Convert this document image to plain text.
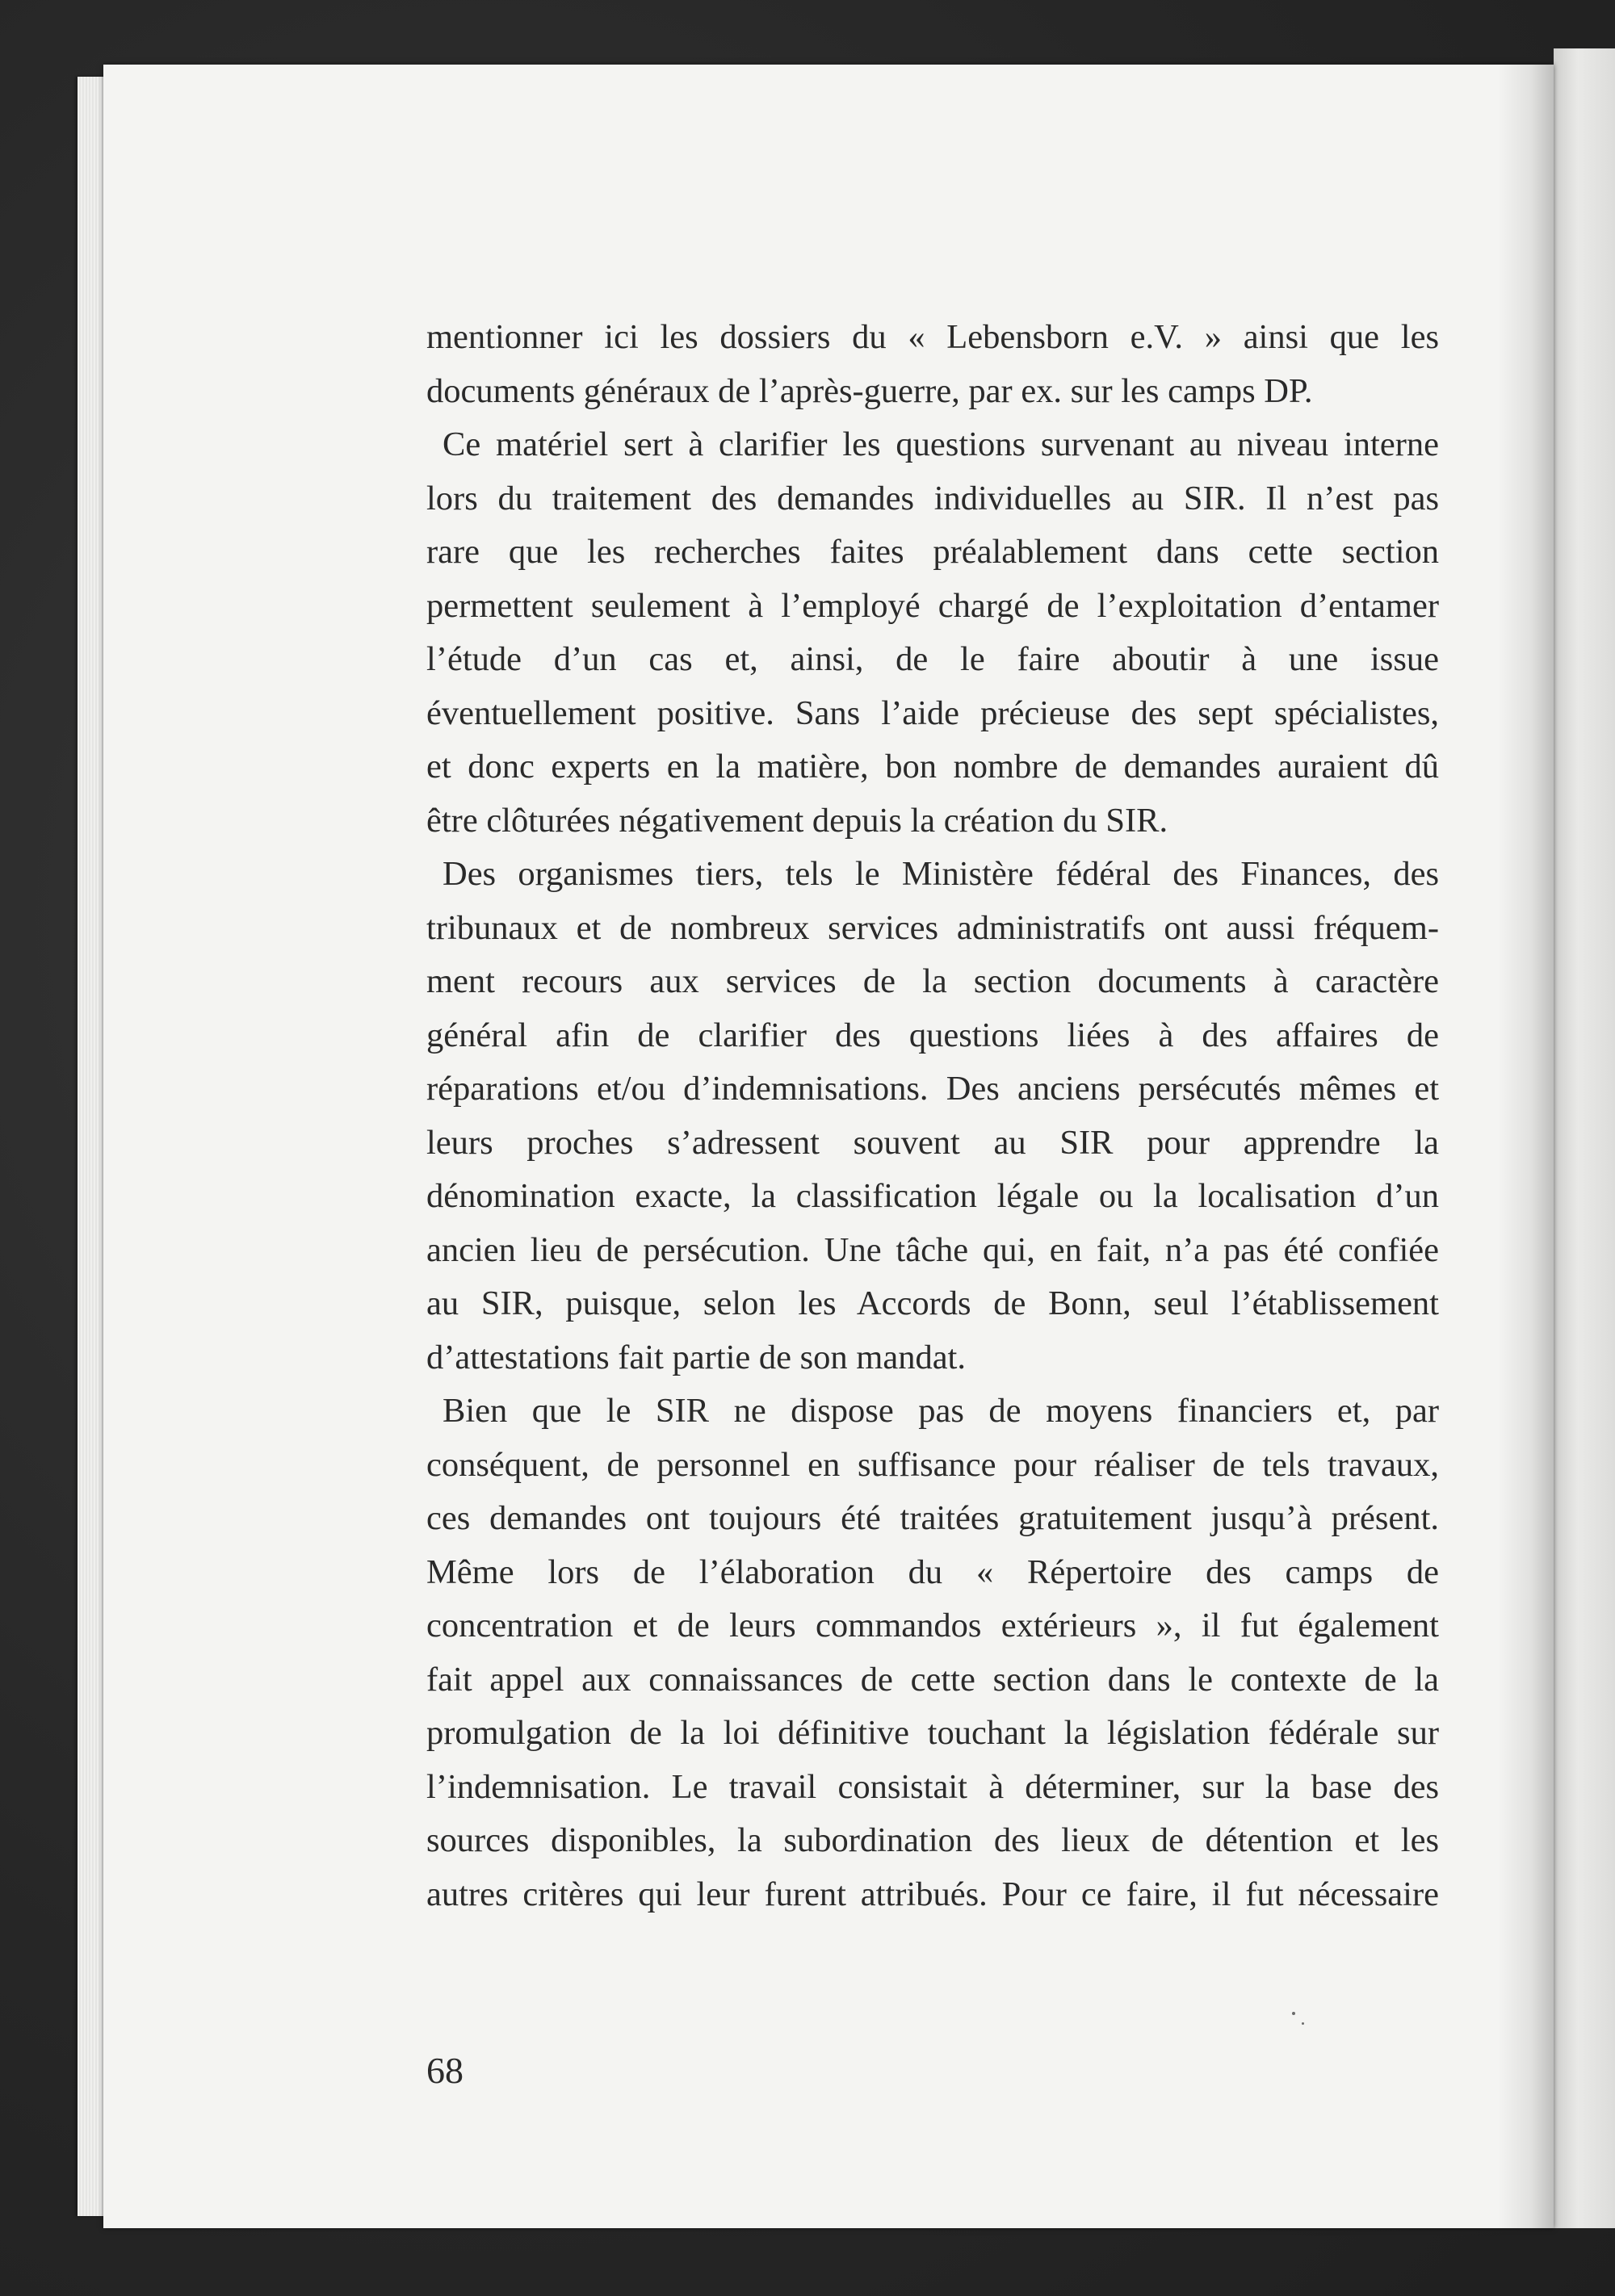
mentionner ici les dossiers du « Lebensborn e.V. » ainsi que les
documents généraux de l’après-guerre, par ex. sur les camps DP.
Ce matériel sert à clarifier les questions survenant au niveau interne
lors du traitement des demandes individuelles au SIR. Il n’est pas
rare que les recherches faites préalablement dans cette section
permettent seulement à l’employé chargé de l’exploitation d’entamer
l’étude d’un cas et, ainsi, de le faire aboutir à une issue
éventuellement positive. Sans l’aide précieuse des sept spécialistes,
et donc experts en la matière, bon nombre de demandes auraient dû
être clôturées négativement depuis la création du SIR.
Des organismes tiers, tels le Ministère fédéral des Finances, des
tribunaux et de nombreux services administratifs ont aussi fréquem-
ment recours aux services de la section documents à caractère
général afin de clarifier des questions liées à des affaires de
réparations et/ou d’indemnisations. Des anciens persécutés mêmes et
leurs proches s’adressent souvent au SIR pour apprendre la
dénomination exacte, la classification légale ou la localisation d’un
ancien lieu de persécution. Une tâche qui, en fait, n’a pas été confiée
au SIR, puisque, selon les Accords de Bonn, seul l’établissement
d’attestations fait partie de son mandat.
Bien que le SIR ne dispose pas de moyens financiers et, par
conséquent, de personnel en suffisance pour réaliser de tels travaux,
ces demandes ont toujours été traitées gratuitement jusqu’à présent.
Même lors de l’élaboration du « Répertoire des camps de
concentration et de leurs commandos extérieurs », il fut également
fait appel aux connaissances de cette section dans le contexte de la
promulgation de la loi définitive touchant la législation fédérale sur
l’indemnisation. Le travail consistait à déterminer, sur la base des
sources disponibles, la subordination des lieux de détention et les
autres critères qui leur furent attribués. Pour ce faire, il fut nécessaire
68
